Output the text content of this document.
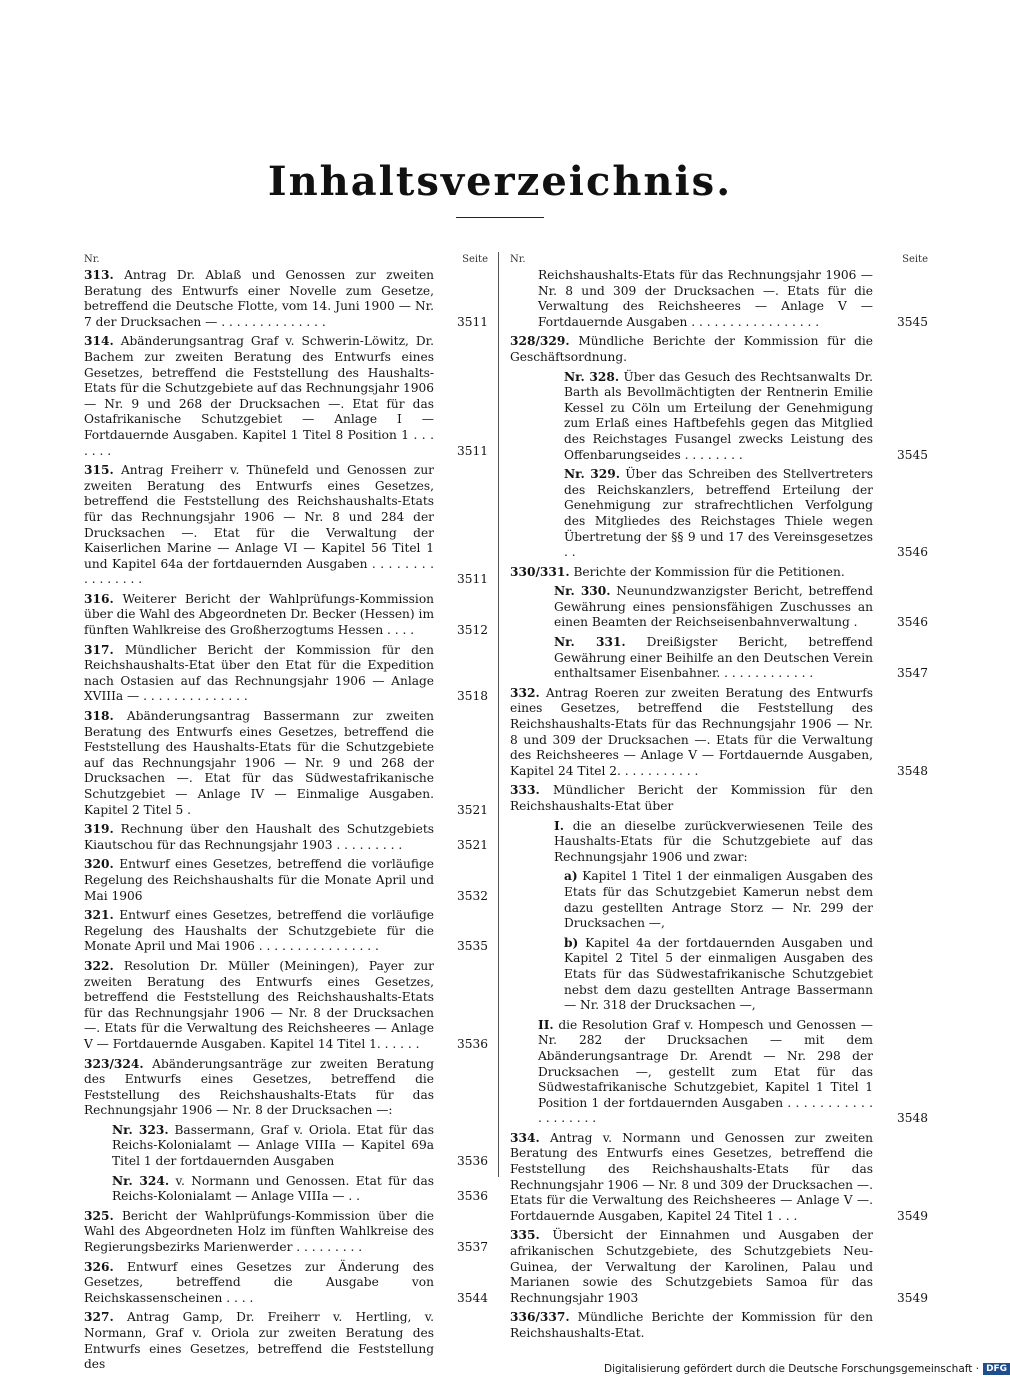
Inhaltsverzeichnis.
Nr.	Seite
313. Antrag Dr. Ablaß und Genossen zur zweiten Beratung des Entwurfs einer Novelle zum Gesetze, betreffend die Deutsche Flotte, vom 14. Juni 1900 — Nr. 7 der Drucksachen — . . . . . . . . . . . . . .	3511
314. Abänderungsantrag Graf v. Schwerin-Löwitz, Dr. Bachem zur zweiten Beratung des Entwurfs eines Gesetzes, betreffend die Feststellung des Haushalts-Etats für die Schutzgebiete auf das Rechnungsjahr 1906 — Nr. 9 und 268 der Drucksachen —. Etat für das Ostafrikanische Schutzgebiet — Anlage I — Fortdauernde Ausgaben. Kapitel 1 Titel 8 Position 1 . . . . . . .	3511
315. Antrag Freiherr v. Thünefeld und Genossen zur zweiten Beratung des Entwurfs eines Gesetzes, betreffend die Feststellung des Reichshaushalts-Etats für das Rechnungsjahr 1906 — Nr. 8 und 284 der Drucksachen —. Etat für die Verwaltung der Kaiserlichen Marine — Anlage VI — Kapitel 56 Titel 1 und Kapitel 64a der fortdauernden Ausgaben . . . . . . . . . . . . . . . .	3511
316. Weiterer Bericht der Wahlprüfungs-Kommission über die Wahl des Abgeordneten Dr. Becker (Hessen) im fünften Wahlkreise des Großherzogtums Hessen . . . .	3512
317. Mündlicher Bericht der Kommission für den Reichshaushalts-Etat über den Etat für die Expedition nach Ostasien auf das Rechnungsjahr 1906 — Anlage XVIIIa — . . . . . . . . . . . . . .	3518
318. Abänderungsantrag Bassermann zur zweiten Beratung des Entwurfs eines Gesetzes, betreffend die Feststellung des Haushalts-Etats für die Schutzgebiete auf das Rechnungsjahr 1906 — Nr. 9 und 268 der Drucksachen —. Etat für das Südwestafrikanische Schutzgebiet — Anlage IV — Einmalige Ausgaben. Kapitel 2 Titel 5 .	3521
319. Rechnung über den Haushalt des Schutzgebiets Kiautschou für das Rechnungsjahr 1903 . . . . . . . . .	3521
320. Entwurf eines Gesetzes, betreffend die vorläufige Regelung des Reichshaushalts für die Monate April und Mai 1906	3532
321. Entwurf eines Gesetzes, betreffend die vorläufige Regelung des Haushalts der Schutzgebiete für die Monate April und Mai 1906 . . . . . . . . . . . . . . . .	3535
322. Resolution Dr. Müller (Meiningen), Payer zur zweiten Beratung des Entwurfs eines Gesetzes, betreffend die Feststellung des Reichshaushalts-Etats für das Rechnungsjahr 1906 — Nr. 8 der Drucksachen —. Etats für die Verwaltung des Reichsheeres — Anlage V — Fortdauernde Ausgaben. Kapitel 14 Titel 1. . . . . .	3536
323/324. Abänderungsanträge zur zweiten Beratung des Entwurfs eines Gesetzes, betreffend die Feststellung des Reichshaushalts-Etats für das Rechnungsjahr 1906 — Nr. 8 der Drucksachen —:
Nr. 323. Bassermann, Graf v. Oriola. Etat für das Reichs-Kolonialamt — Anlage VIIIa — Kapitel 69a Titel 1 der fortdauernden Ausgaben	3536
Nr. 324. v. Normann und Genossen. Etat für das Reichs-Kolonialamt — Anlage VIIIa — . .	3536
325. Bericht der Wahlprüfungs-Kommission über die Wahl des Abgeordneten Holz im fünften Wahlkreise des Regierungsbezirks Marienwerder . . . . . . . . .	3537
326. Entwurf eines Gesetzes zur Änderung des Gesetzes, betreffend die Ausgabe von Reichskassenscheinen . . . .	3544
327. Antrag Gamp, Dr. Freiherr v. Hertling, v. Normann, Graf v. Oriola zur zweiten Beratung des Entwurfs eines Gesetzes, betreffend die Feststellung des
Nr.	Seite
Reichshaushalts-Etats für das Rechnungsjahr 1906 — Nr. 8 und 309 der Drucksachen —. Etats für die Verwaltung des Reichsheeres — Anlage V — Fortdauernde Ausgaben . . . . . . . . . . . . . . . . .	3545
328/329. Mündliche Berichte der Kommission für die Geschäftsordnung.
Nr. 328. Über das Gesuch des Rechtsanwalts Dr. Barth als Bevollmächtigten der Rentnerin Emilie Kessel zu Cöln um Erteilung der Genehmigung zum Erlaß eines Haftbefehls gegen das Mitglied des Reichstages Fusangel zwecks Leistung des Offenbarungseides . . . . . . . .	3545
Nr. 329. Über das Schreiben des Stellvertreters des Reichskanzlers, betreffend Erteilung der Genehmigung zur strafrechtlichen Verfolgung des Mitgliedes des Reichstages Thiele wegen Übertretung der §§ 9 und 17 des Vereinsgesetzes . .	3546
330/331. Berichte der Kommission für die Petitionen.
Nr. 330. Neunundzwanzigster Bericht, betreffend Gewährung eines pensionsfähigen Zuschusses an einen Beamten der Reichseisenbahnverwaltung .	3546
Nr. 331. Dreißigster Bericht, betreffend Gewährung einer Beihilfe an den Deutschen Verein enthaltsamer Eisenbahner. . . . . . . . . . . . .	3547
332. Antrag Roeren zur zweiten Beratung des Entwurfs eines Gesetzes, betreffend die Feststellung des Reichshaushalts-Etats für das Rechnungsjahr 1906 — Nr. 8 und 309 der Drucksachen —. Etats für die Verwaltung des Reichsheeres — Anlage V — Fortdauernde Ausgaben, Kapitel 24 Titel 2. . . . . . . . . . .	3548
333. Mündlicher Bericht der Kommission für den Reichshaushalts-Etat über
I. die an dieselbe zurückverwiesenen Teile des Haushalts-Etats für die Schutzgebiete auf das Rechnungsjahr 1906 und zwar:
a) Kapitel 1 Titel 1 der einmaligen Ausgaben des Etats für das Schutzgebiet Kamerun nebst dem dazu gestellten Antrage Storz — Nr. 299 der Drucksachen —,
b) Kapitel 4a der fortdauernden Ausgaben und Kapitel 2 Titel 5 der einmaligen Ausgaben des Etats für das Südwestafrikanische Schutzgebiet nebst dem dazu gestellten Antrage Bassermann — Nr. 318 der Drucksachen —,
II. die Resolution Graf v. Hompesch und Genossen — Nr. 282 der Drucksachen — mit dem Abänderungsantrage Dr. Arendt — Nr. 298 der Drucksachen —, gestellt zum Etat für das Südwestafrikanische Schutzgebiet, Kapitel 1 Titel 1 Position 1 der fortdauernden Ausgaben . . . . . . . . . . . . . . . . . . .	3548
334. Antrag v. Normann und Genossen zur zweiten Beratung des Entwurfs eines Gesetzes, betreffend die Feststellung des Reichshaushalts-Etats für das Rechnungsjahr 1906 — Nr. 8 und 309 der Drucksachen —. Etats für die Verwaltung des Reichsheeres — Anlage V —. Fortdauernde Ausgaben, Kapitel 24 Titel 1 . . .	3549
335. Übersicht der Einnahmen und Ausgaben der afrikanischen Schutzgebiete, des Schutzgebiets Neu-Guinea, der Verwaltung der Karolinen, Palau und Marianen sowie des Schutzgebiets Samoa für das Rechnungsjahr 1903	3549
336/337. Mündliche Berichte der Kommission für den Reichshaushalts-Etat.
Digitalisierung gefördert durch die Deutsche Forschungsgemeinschaft · DFG
